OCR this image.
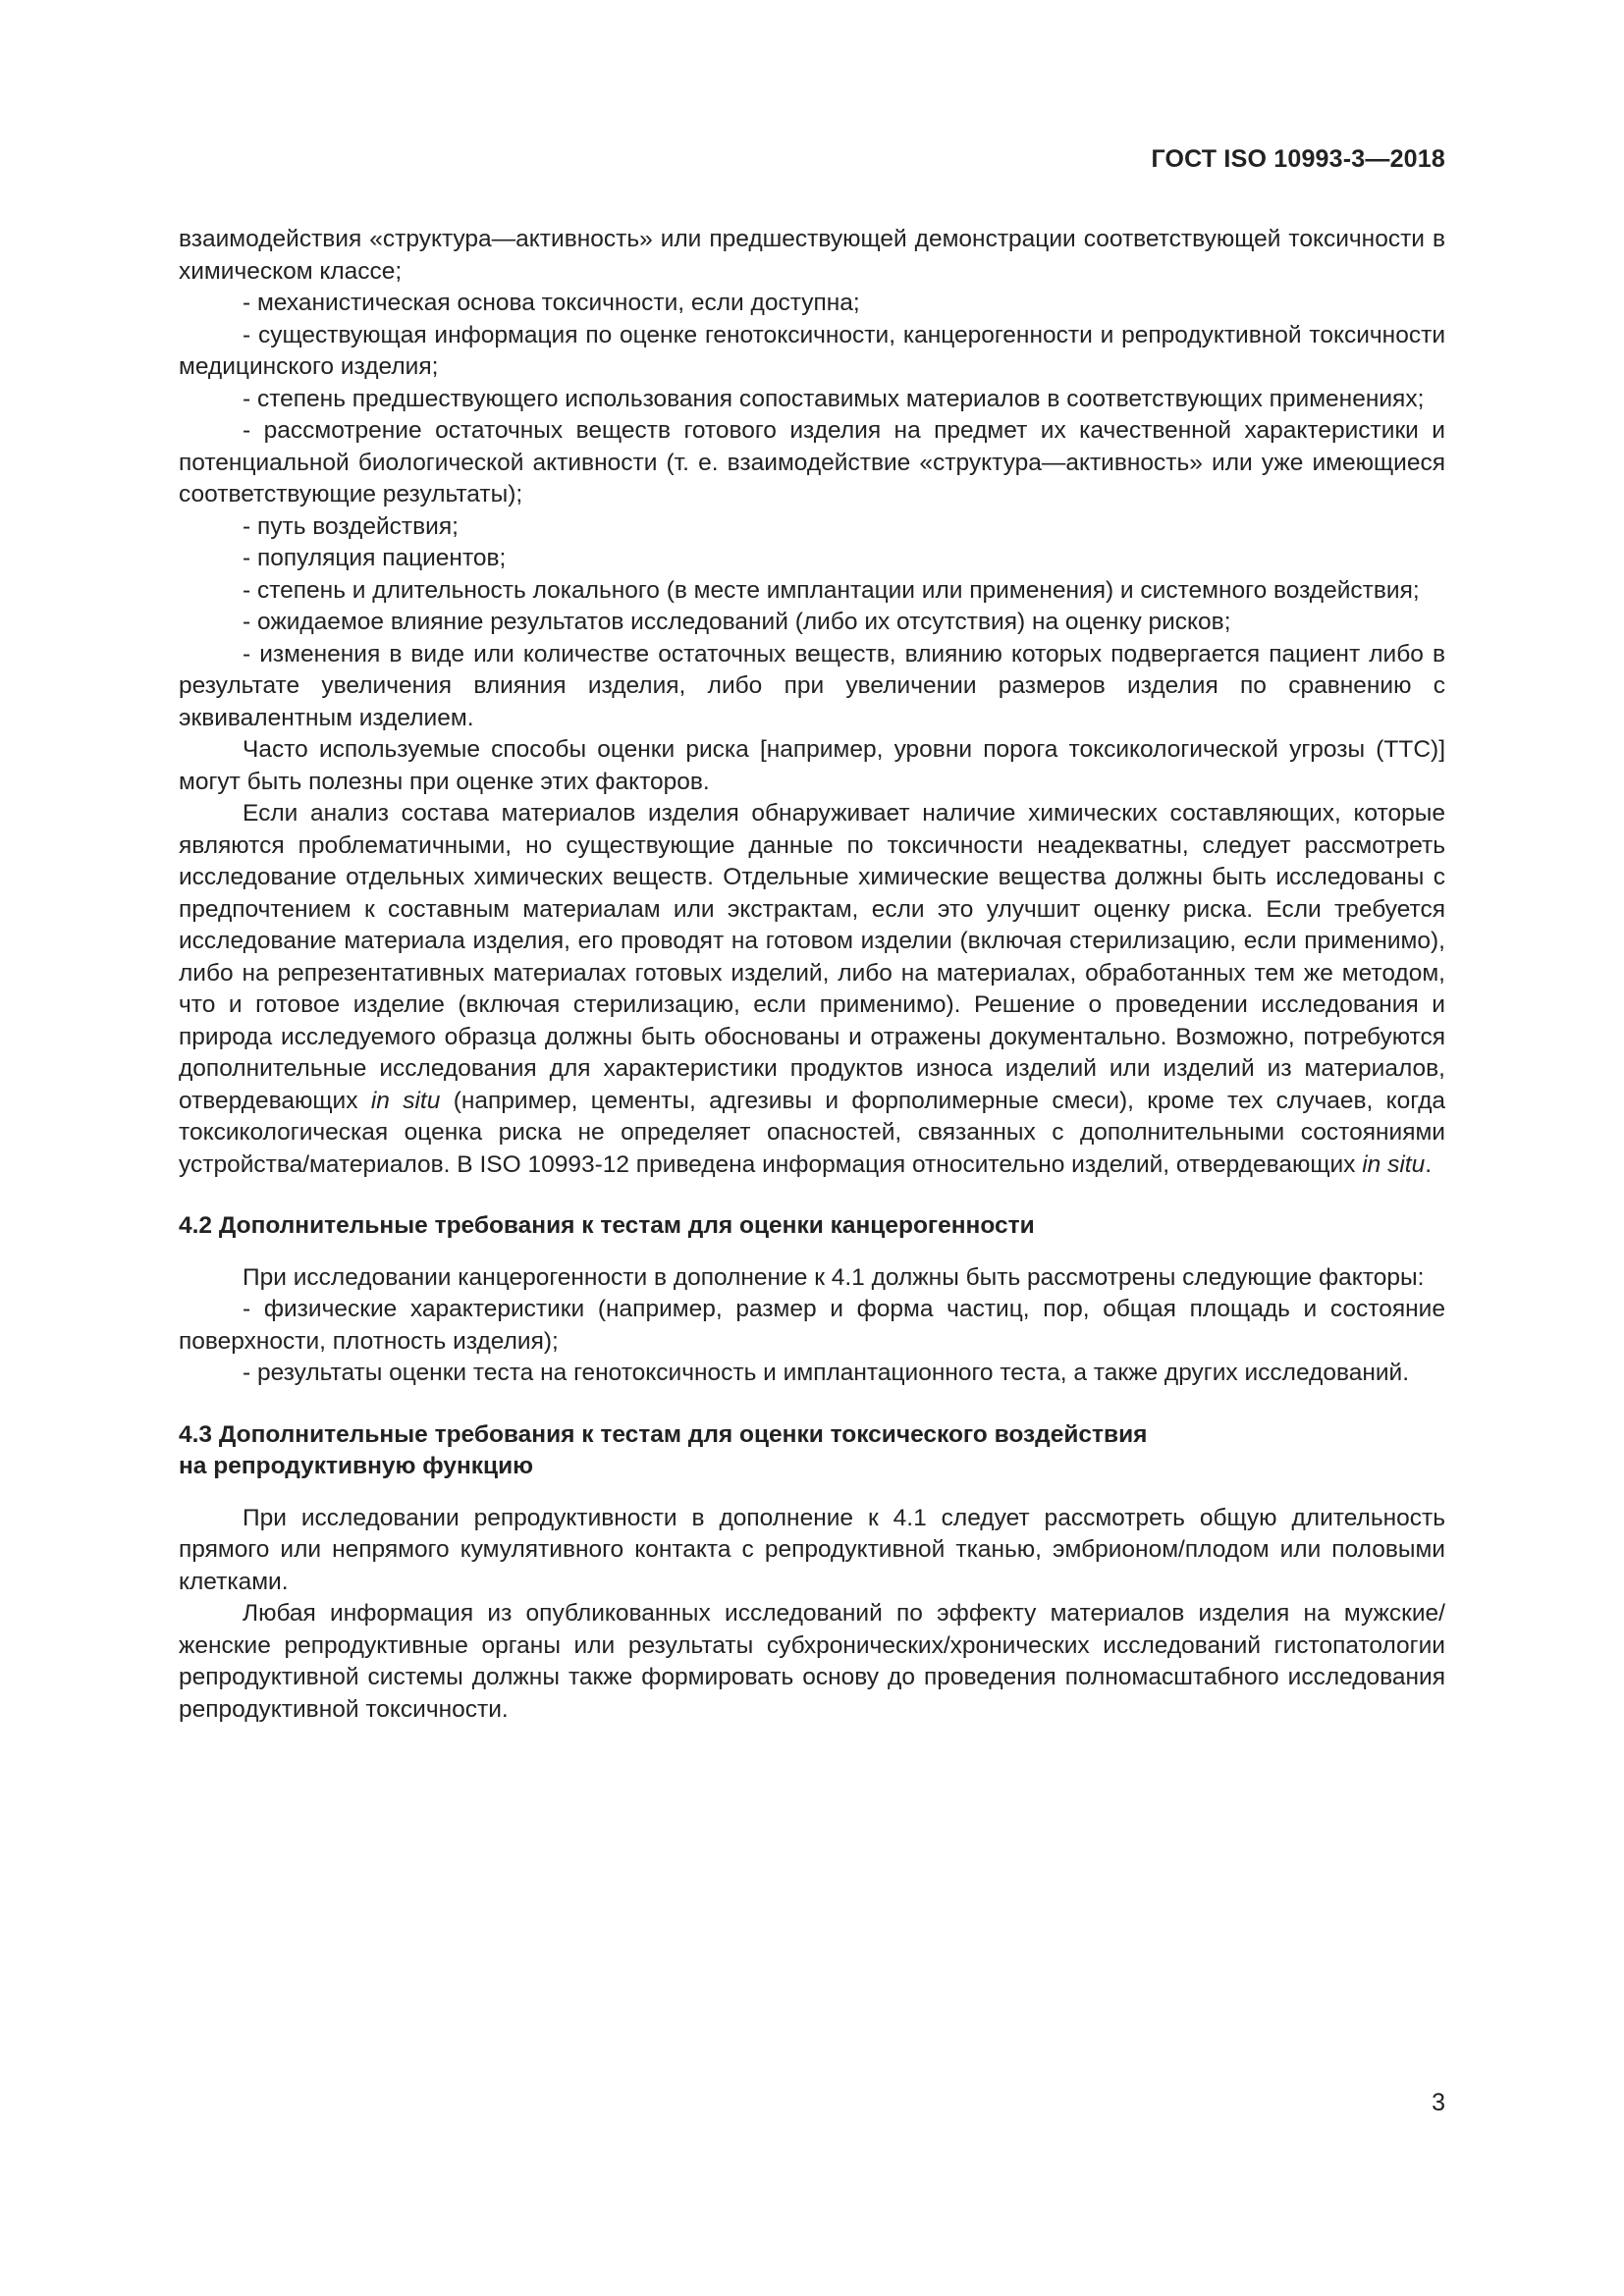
ГОСТ ISO 10993-3—2018

взаимодействия «структура—активность» или предшествующей демонстрации соответствующей токсичности в химическом классе;

- механистическая основа токсичности, если доступна;

- существующая информация по оценке генотоксичности, канцерогенности и репродуктивной токсичности медицинского изделия;

- степень предшествующего использования сопоставимых материалов в соответствующих применениях;

- рассмотрение остаточных веществ готового изделия на предмет их качественной характеристики и потенциальной биологической активности (т. е. взаимодействие «структура—активность» или уже имеющиеся соответствующие результаты);

- путь воздействия;

- популяция пациентов;

- степень и длительность локального (в месте имплантации или применения) и системного воздействия;

- ожидаемое влияние результатов исследований (либо их отсутствия) на оценку рисков;

- изменения в виде или количестве остаточных веществ, влиянию которых подвергается пациент либо в результате увеличения влияния изделия, либо при увеличении размеров изделия по сравнению с эквивалентным изделием.

Часто используемые способы оценки риска [например, уровни порога токсикологической угрозы (ТТС)] могут быть полезны при оценке этих факторов.

Если анализ состава материалов изделия обнаруживает наличие химических составляющих, которые являются проблематичными, но существующие данные по токсичности неадекватны, следует рассмотреть исследование отдельных химических веществ. Отдельные химические вещества должны быть исследованы с предпочтением к составным материалам или экстрактам, если это улучшит оценку риска. Если требуется исследование материала изделия, его проводят на готовом изделии (включая стерилизацию, если применимо), либо на репрезентативных материалах готовых изделий, либо на материалах, обработанных тем же методом, что и готовое изделие (включая стерилизацию, если применимо). Решение о проведении исследования и природа исследуемого образца должны быть обоснованы и отражены документально. Возможно, потребуются дополнительные исследования для характеристики продуктов износа изделий или изделий из материалов, отвердевающих in situ (например, цементы, адгезивы и форполимерные смеси), кроме тех случаев, когда токсикологическая оценка риска не определяет опасностей, связанных с дополнительными состояниями устройства/материалов. В ISO 10993-12 приведена информация относительно изделий, отвердевающих in situ.

4.2 Дополнительные требования к тестам для оценки канцерогенности

При исследовании канцерогенности в дополнение к 4.1 должны быть рассмотрены следующие факторы:

- физические характеристики (например, размер и форма частиц, пор, общая площадь и состояние поверхности, плотность изделия);

- результаты оценки теста на генотоксичность и имплантационного теста, а также других исследований.

4.3 Дополнительные требования к тестам для оценки токсического воздействия
на репродуктивную функцию

При исследовании репродуктивности в дополнение к 4.1 следует рассмотреть общую длительность прямого или непрямого кумулятивного контакта с репродуктивной тканью, эмбрионом/плодом или половыми клетками.

Любая информация из опубликованных исследований по эффекту материалов изделия на мужские/женские репродуктивные органы или результаты субхронических/хронических исследований гистопатологии репродуктивной системы должны также формировать основу до проведения полномасштабного исследования репродуктивной токсичности.

3
